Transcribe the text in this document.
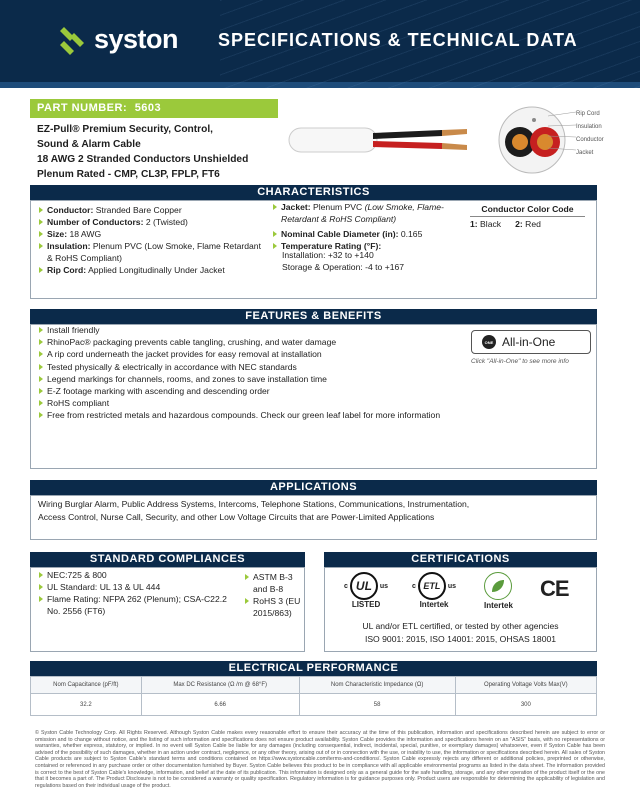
syston SPECIFICATIONS & TECHNICAL DATA
PART NUMBER: 5603
EZ-Pull® Premium Security, Control,
Sound & Alarm Cable
18 AWG 2 Stranded Conductors Unshielded
Plenum Rated - CMP, CL3P, FPLP, FT6
Rip Cord
Insulation
Conductor
Jacket
CHARACTERISTICS
Conductor: Stranded Bare Copper
Number of Conductors: 2 (Twisted)
Size: 18 AWG
Insulation: Plenum PVC (Low Smoke, Flame Retardant
& RoHS Compliant)
Rip Cord: Applied Longitudinally Under Jacket
Jacket: Plenum PVC (Low Smoke, Flame-
Retardant & RoHS Compliant)
Nominal Cable Diameter (in): 0.165
Temperature Rating (°F):
Installation: +32 to +140
Storage & Operation: -4 to +167
Conductor Color Code
1: Black 2: Red
FEATURES & BENEFITS
Install friendly
RhinoPac® packaging prevents cable tangling, crushing, and water damage
A rip cord underneath the jacket provides for easy removal at installation
Tested physically & electrically in accordance with NEC standards
Legend markings for channels, rooms, and zones to save installation time
E-Z footage marking with ascending and descending order
RoHS compliant
Free from restricted metals and hazardous compounds. Check our green leaf label for more information
ONE All-in-One
Click "All-in-One" to see more info
APPLICATIONS
Wiring Burglar Alarm, Public Address Systems, Intercoms, Telephone Stations, Communications, Instrumentation,
Access Control, Nurse Call, Security, and other Low Voltage Circuits that are Power-Limited Applications
STANDARD COMPLIANCES
NEC:725 & 800
UL Standard: UL 13 & UL 444
Flame Rating: NFPA 262 (Plenum); CSA-C22.2
No. 2556 (FT6)
ASTM B-3
and B-8
RoHS 3 (EU
2015/863)
CERTIFICATIONS
c UL	us
LISTED
c ETL	us
Intertek	Intertek
CE
UL and/or ETL certified, or tested by other agencies
ISO 9001: 2015, ISO 14001: 2015, OHSAS 18001
ELECTRICAL PERFORMANCE
Nom Capacitance (pF/ft)	Max DC Resistance (Ω /m @ 68°F)	Nom Characteristic Impedance (Ω)	Operating Voltage Volts Max(V)
32.2	6.66	58	300
© Syston Cable Technology Corp. All Rights Reserved. Although Syston Cable makes every reasonable effort to ensure their accuracy at the time of this publication, information and specifications described herein are subject to error or omission and to change without notice, and the listing of such information and specifications does not ensure product availability. Syston Cable provides the information and specifications herein on an "ASIS" basis, with no representations or warranties, whether express, statutory, or implied. In no event will Syston Cable be liable for any damages (including consequential, indirect, incidental, special, punitive, or exemplary damages) whatsoever, even if Syston Cable has been advised of the possibility of such damages, whether in an action under contract, negligence, or any other theory, arising out of or in connection with the use, or inability to use, the information or specifications described herein. All sales of Syston Cable products are subject to Syston Cable's standard terms and conditions contained on https://www.systoncable.com/terms-and-conditions/. Syston Cable expressly rejects any different or additional policies, preprinted or otherwise, contained or referenced in any purchase order or other documentation furnished by Buyer. Syston Cable believes this product to be in compliance with all applicable environmental programs as listed in the data sheet. The information provided is correct to the best of Syston Cable's knowledge, information, and belief at the date of its publication. This information is designed only as a general guide for the safe handling, storage, and any other operation of the product itself or the one that it becomes a part of. The Product Disclosure is not to be considered a warranty or quality specification. Regulatory information is for guidance purposes only. Product users are responsible for determining the applicability of legislation and regulations based on their individual usage of the product.
